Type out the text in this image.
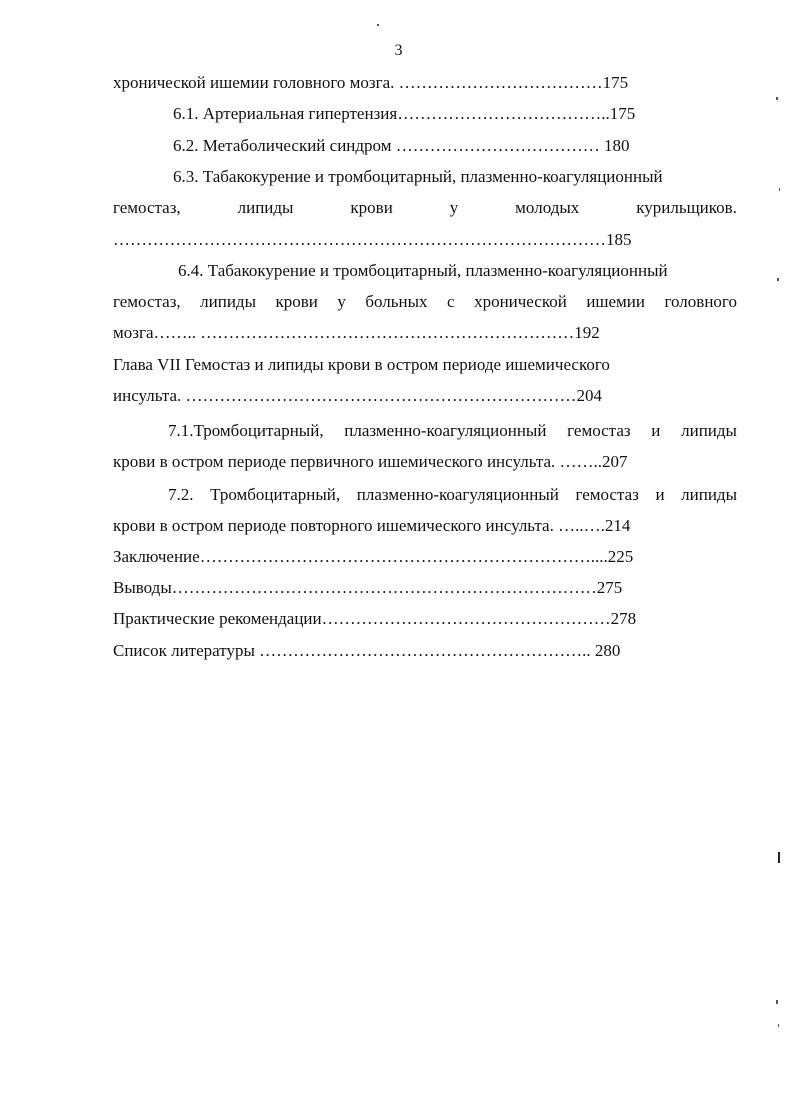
3
хронической ишемии головного мозга. ………………………………175
6.1. Артериальная гипертензия………………………………..175
6.2. Метаболический синдром ……………………………… 180
6.3. Табакокурение и тромбоцитарный, плазменно-коагуляционный
гемостаз,	липиды	крови	у	молодых	курильщиков.
……………………………………………………………………………185
6.4. Табакокурение и тромбоцитарный, плазменно-коагуляционный
гемостаз, липиды крови у больных с хронической ишемии головного
мозга…….. …………………………………………………………192
Глава VII Гемостаз и липиды крови в остром периоде ишемического
инсульта. ……………………………………………………………204
7.1.Тромбоцитарный, плазменно-коагуляционный гемостаз и липиды
крови в остром периоде первичного ишемического инсульта. ……..207
7.2. Тромбоцитарный, плазменно-коагуляционный гемостаз и липиды
крови в остром периоде повторного ишемического инсульта. …..….214
Заключение……………………………………………………………....225
Выводы…………………………………………………………………275
Практические рекомендации……………………………………………278
Список литературы ………………………………………………….. 280
